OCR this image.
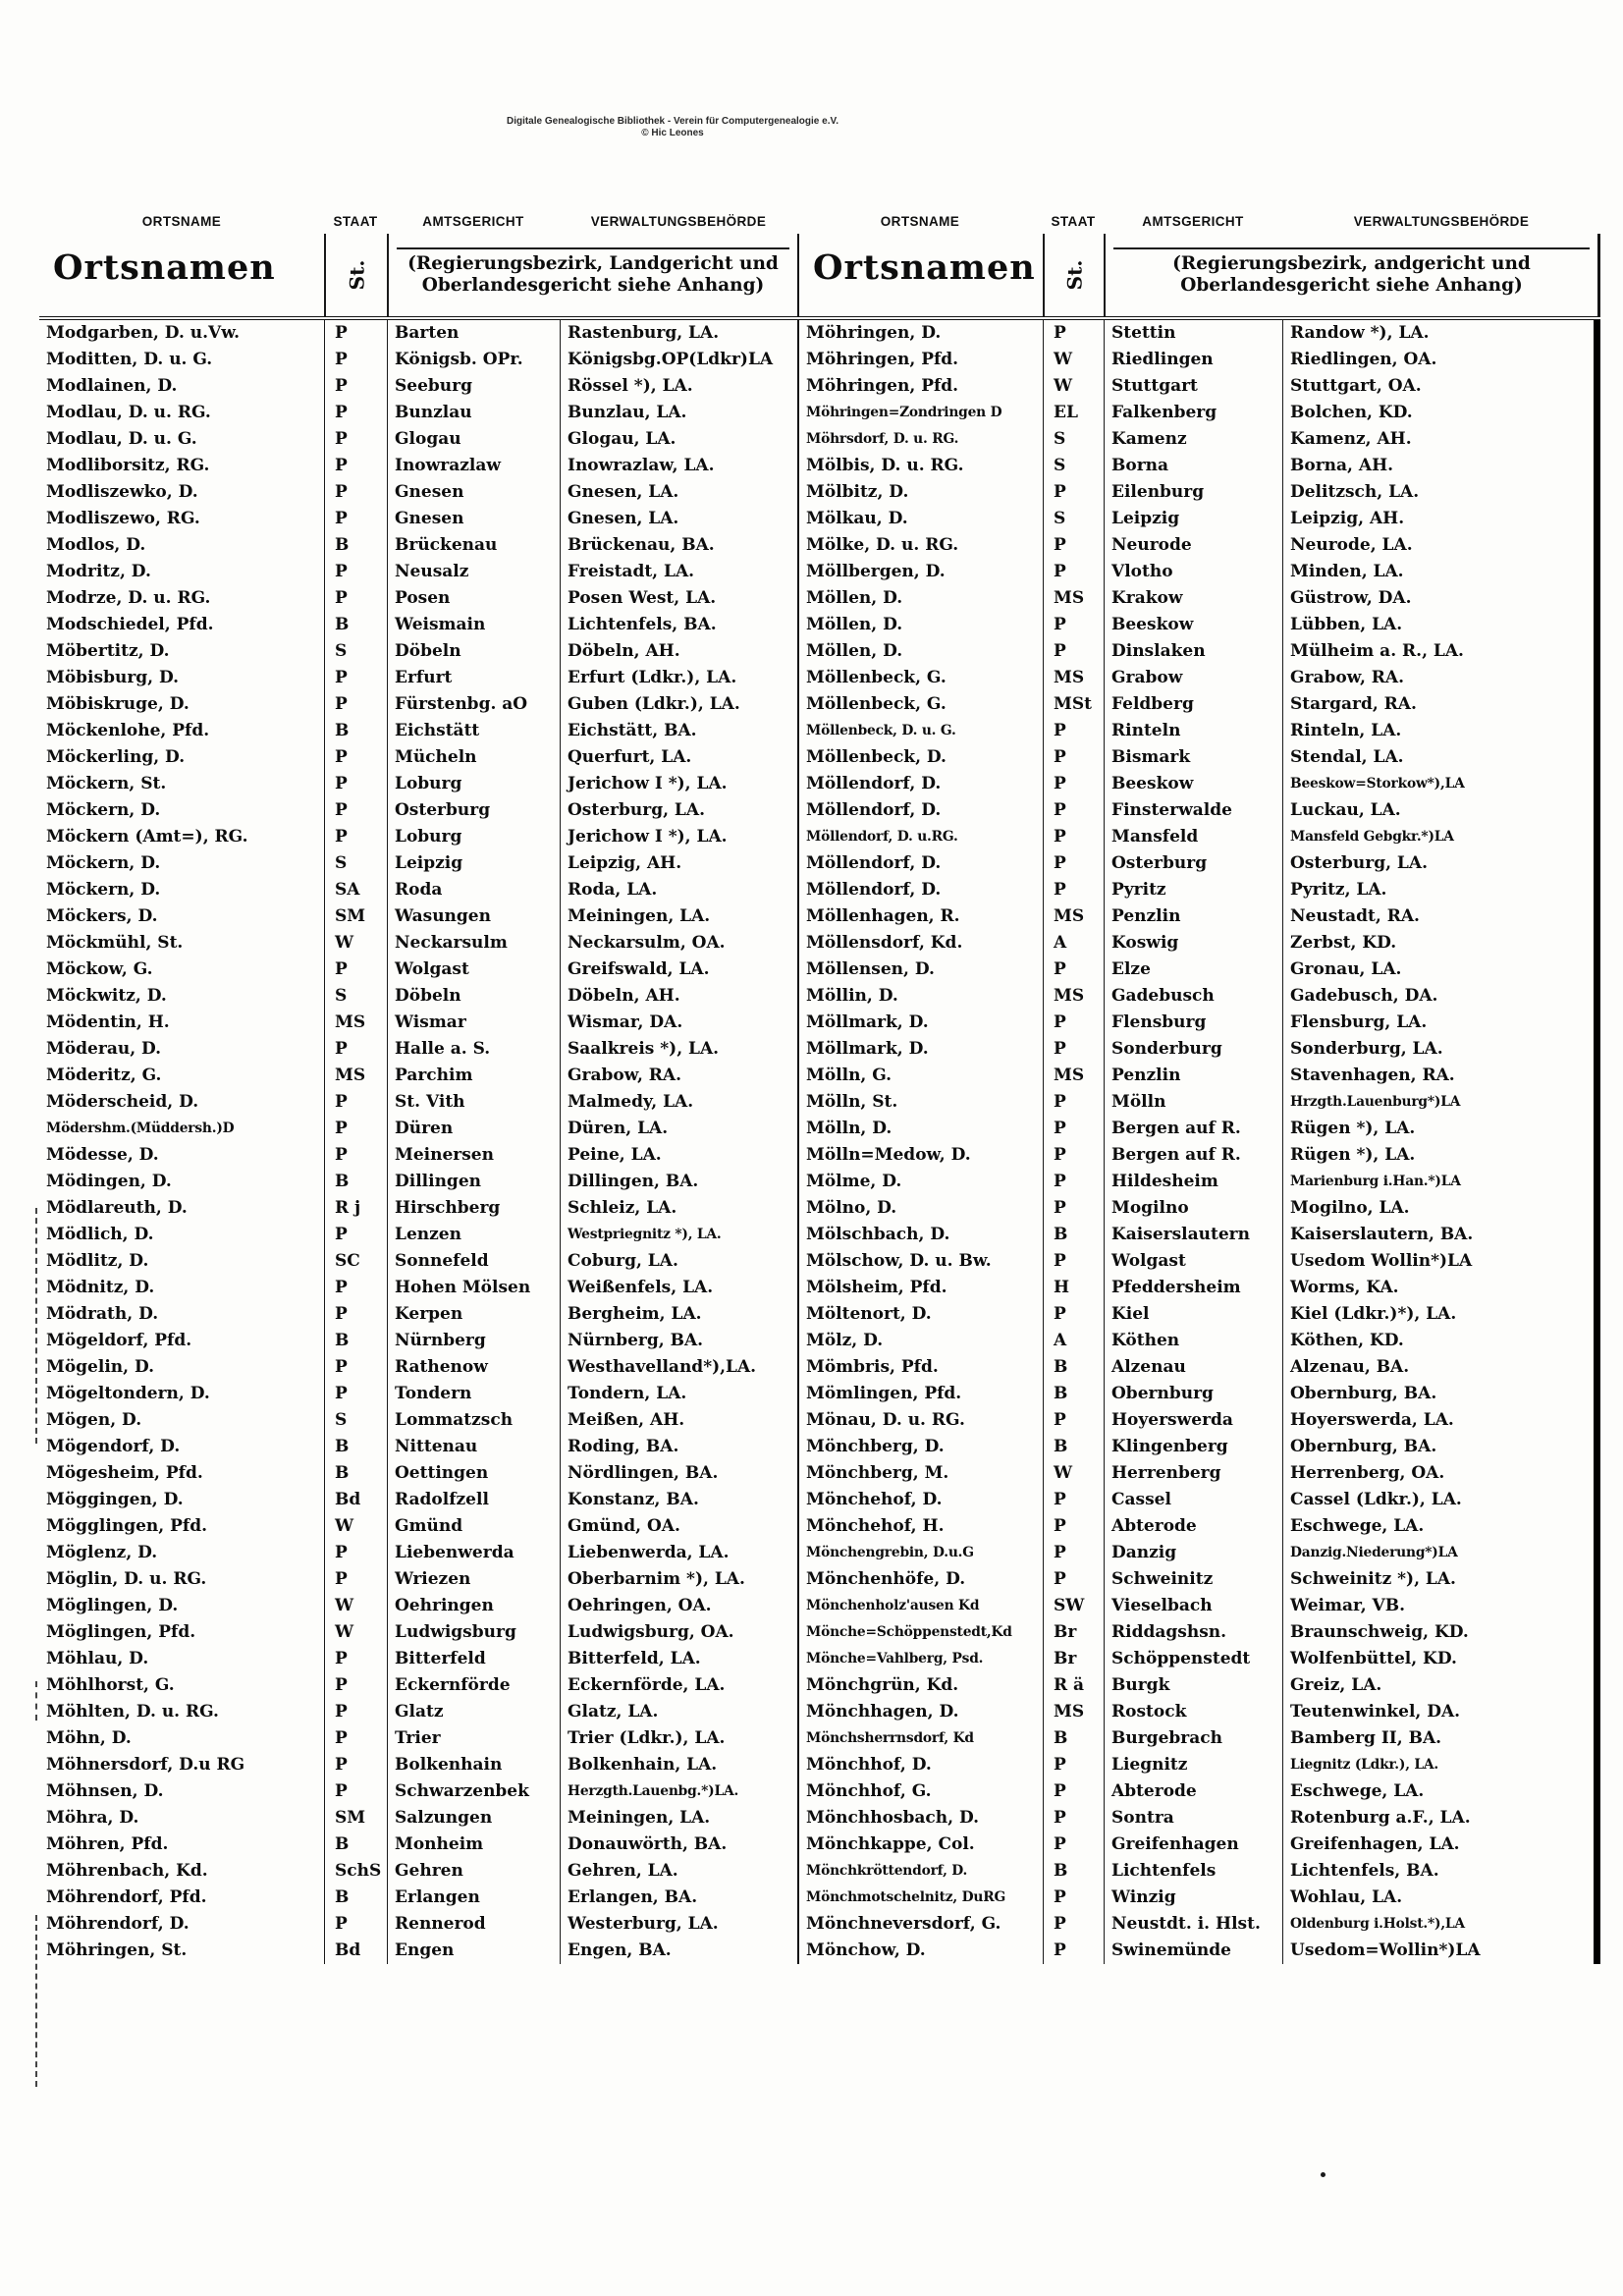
Digitale Genealogische Bibliothek - Verein für Computergenealogie e.V.
© Hic Leones
ORTSNAME	STAAT	AMTSGERICHT	VERWALTUNGSBEHÖRDE	ORTSNAME	STAAT	AMTSGERICHT	VERWALTUNGSBEHÖRDE
Ortsnamen	St.	(Regierungsbezirk, Landgericht und Oberlandesgericht siehe Anhang)	Ortsnamen	St.	(Regierungsbezirk, andgericht und Oberlandesgericht siehe Anhang)
Modgarben, D. u.Vw.	P	Barten	Rastenburg, LA.	Möhringen, D.	P	Stettin	Randow *), LA.
Moditten, D. u. G.	P	Königsb. OPr.	Königsbg.OP(Ldkr)LA	Möhringen, Pfd.	W	Riedlingen	Riedlingen, OA.
Modlainen, D.	P	Seeburg	Rössel *), LA.	Möhringen, Pfd.	W	Stuttgart	Stuttgart, OA.
Modlau, D. u. RG.	P	Bunzlau	Bunzlau, LA.	Möhringen=Zondringen D	EL	Falkenberg	Bolchen, KD.
Modlau, D. u. G.	P	Glogau	Glogau, LA.	Möhrsdorf, D. u. RG.	S	Kamenz	Kamenz, AH.
Modliborsitz, RG.	P	Inowrazlaw	Inowrazlaw, LA.	Mölbis, D. u. RG.	S	Borna	Borna, AH.
Modliszewko, D.	P	Gnesen	Gnesen, LA.	Mölbitz, D.	P	Eilenburg	Delitzsch, LA.
Modliszewo, RG.	P	Gnesen	Gnesen, LA.	Mölkau, D.	S	Leipzig	Leipzig, AH.
Modlos, D.	B	Brückenau	Brückenau, BA.	Mölke, D. u. RG.	P	Neurode	Neurode, LA.
Modritz, D.	P	Neusalz	Freistadt, LA.	Möllbergen, D.	P	Vlotho	Minden, LA.
Modrze, D. u. RG.	P	Posen	Posen West, LA.	Möllen, D.	MS	Krakow	Güstrow, DA.
Modschiedel, Pfd.	B	Weismain	Lichtenfels, BA.	Möllen, D.	P	Beeskow	Lübben, LA.
Möbertitz, D.	S	Döbeln	Döbeln, AH.	Möllen, D.	P	Dinslaken	Mülheim a. R., LA.
Möbisburg, D.	P	Erfurt	Erfurt (Ldkr.), LA.	Möllenbeck, G.	MS	Grabow	Grabow, RA.
Möbiskruge, D.	P	Fürstenbg. aO	Guben (Ldkr.), LA.	Möllenbeck, G.	MSt	Feldberg	Stargard, RA.
Möckenlohe, Pfd.	B	Eichstätt	Eichstätt, BA.	Möllenbeck, D. u. G.	P	Rinteln	Rinteln, LA.
Möckerling, D.	P	Mücheln	Querfurt, LA.	Möllenbeck, D.	P	Bismark	Stendal, LA.
Möckern, St.	P	Loburg	Jerichow I *), LA.	Möllendorf, D.	P	Beeskow	Beeskow=Storkow*),LA
Möckern, D.	P	Osterburg	Osterburg, LA.	Möllendorf, D.	P	Finsterwalde	Luckau, LA.
Möckern (Amt=), RG.	P	Loburg	Jerichow I *), LA.	Möllendorf, D. u.RG.	P	Mansfeld	Mansfeld Gebgkr.*)LA
Möckern, D.	S	Leipzig	Leipzig, AH.	Möllendorf, D.	P	Osterburg	Osterburg, LA.
Möckern, D.	SA	Roda	Roda, LA.	Möllendorf, D.	P	Pyritz	Pyritz, LA.
Möckers, D.	SM	Wasungen	Meiningen, LA.	Möllenhagen, R.	MS	Penzlin	Neustadt, RA.
Möckmühl, St.	W	Neckarsulm	Neckarsulm, OA.	Möllensdorf, Kd.	A	Koswig	Zerbst, KD.
Möckow, G.	P	Wolgast	Greifswald, LA.	Möllensen, D.	P	Elze	Gronau, LA.
Möckwitz, D.	S	Döbeln	Döbeln, AH.	Möllin, D.	MS	Gadebusch	Gadebusch, DA.
Mödentin, H.	MS	Wismar	Wismar, DA.	Möllmark, D.	P	Flensburg	Flensburg, LA.
Möderau, D.	P	Halle a. S.	Saalkreis *), LA.	Möllmark, D.	P	Sonderburg	Sonderburg, LA.
Möderitz, G.	MS	Parchim	Grabow, RA.	Mölln, G.	MS	Penzlin	Stavenhagen, RA.
Möderscheid, D.	P	St. Vith	Malmedy, LA.	Mölln, St.	P	Mölln	Hrzgth.Lauenburg*)LA
Mödershm.(Müddersh.)D	P	Düren	Düren, LA.	Mölln, D.	P	Bergen auf R.	Rügen *), LA.
Mödesse, D.	P	Meinersen	Peine, LA.	Mölln=Medow, D.	P	Bergen auf R.	Rügen *), LA.
Mödingen, D.	B	Dillingen	Dillingen, BA.	Mölme, D.	P	Hildesheim	Marienburg i.Han.*)LA
Mödlareuth, D.	R j	Hirschberg	Schleiz, LA.	Mölno, D.	P	Mogilno	Mogilno, LA.
Mödlich, D.	P	Lenzen	Westpriegnitz *), LA.	Mölschbach, D.	B	Kaiserslautern	Kaiserslautern, BA.
Mödlitz, D.	SC	Sonnefeld	Coburg, LA.	Mölschow, D. u. Bw.	P	Wolgast	Usedom Wollin*)LA
Mödnitz, D.	P	Hohen Mölsen	Weißenfels, LA.	Mölsheim, Pfd.	H	Pfeddersheim	Worms, KA.
Mödrath, D.	P	Kerpen	Bergheim, LA.	Möltenort, D.	P	Kiel	Kiel (Ldkr.)*), LA.
Mögeldorf, Pfd.	B	Nürnberg	Nürnberg, BA.	Mölz, D.	A	Köthen	Köthen, KD.
Mögelin, D.	P	Rathenow	Westhavelland*),LA.	Mömbris, Pfd.	B	Alzenau	Alzenau, BA.
Mögeltondern, D.	P	Tondern	Tondern, LA.	Mömlingen, Pfd.	B	Obernburg	Obernburg, BA.
Mögen, D.	S	Lommatzsch	Meißen, AH.	Mönau, D. u. RG.	P	Hoyerswerda	Hoyerswerda, LA.
Mögendorf, D.	B	Nittenau	Roding, BA.	Mönchberg, D.	B	Klingenberg	Obernburg, BA.
Mögesheim, Pfd.	B	Oettingen	Nördlingen, BA.	Mönchberg, M.	W	Herrenberg	Herrenberg, OA.
Möggingen, D.	Bd	Radolfzell	Konstanz, BA.	Mönchehof, D.	P	Cassel	Cassel (Ldkr.), LA.
Mögglingen, Pfd.	W	Gmünd	Gmünd, OA.	Mönchehof, H.	P	Abterode	Eschwege, LA.
Möglenz, D.	P	Liebenwerda	Liebenwerda, LA.	Mönchengrebin, D.u.G	P	Danzig	Danzig.Niederung*)LA
Möglin, D. u. RG.	P	Wriezen	Oberbarnim *), LA.	Mönchenhöfe, D.	P	Schweinitz	Schweinitz *), LA.
Möglingen, D.	W	Oehringen	Oehringen, OA.	Mönchenholz'ausen Kd	SW	Vieselbach	Weimar, VB.
Möglingen, Pfd.	W	Ludwigsburg	Ludwigsburg, OA.	Mönche=Schöppenstedt,Kd	Br	Riddagshsn.	Braunschweig, KD.
Möhlau, D.	P	Bitterfeld	Bitterfeld, LA.	Mönche=Vahlberg, Psd.	Br	Schöppenstedt	Wolfenbüttel, KD.
Möhlhorst, G.	P	Eckernförde	Eckernförde, LA.	Mönchgrün, Kd.	R ä	Burgk	Greiz, LA.
Möhlten, D. u. RG.	P	Glatz	Glatz, LA.	Mönchhagen, D.	MS	Rostock	Teutenwinkel, DA.
Möhn, D.	P	Trier	Trier (Ldkr.), LA.	Mönchsherrnsdorf, Kd	B	Burgebrach	Bamberg II, BA.
Möhnersdorf, D.u RG	P	Bolkenhain	Bolkenhain, LA.	Mönchhof, D.	P	Liegnitz	Liegnitz (Ldkr.), LA.
Möhnsen, D.	P	Schwarzenbek	Herzgth.Lauenbg.*)LA.	Mönchhof, G.	P	Abterode	Eschwege, LA.
Möhra, D.	SM	Salzungen	Meiningen, LA.	Mönchhosbach, D.	P	Sontra	Rotenburg a.F., LA.
Möhren, Pfd.	B	Monheim	Donauwörth, BA.	Mönchkappe, Col.	P	Greifenhagen	Greifenhagen, LA.
Möhrenbach, Kd.	SchS Gehren	Gehren, LA.	Mönchkröttendorf, D.	B	Lichtenfels	Lichtenfels, BA.
Möhrendorf, Pfd.	B	Erlangen	Erlangen, BA.	Mönchmotschelnitz, DuRG	P	Winzig	Wohlau, LA.
Möhrendorf, D.	P	Rennerod	Westerburg, LA.	Mönchneversdorf, G.	P	Neustdt. i. Hlst.	Oldenburg i.Holst.*),LA
Möhringen, St.	Bd	Engen	Engen, BA.	Mönchow, D.	P	Swinemünde	Usedom=Wollin*)LA
